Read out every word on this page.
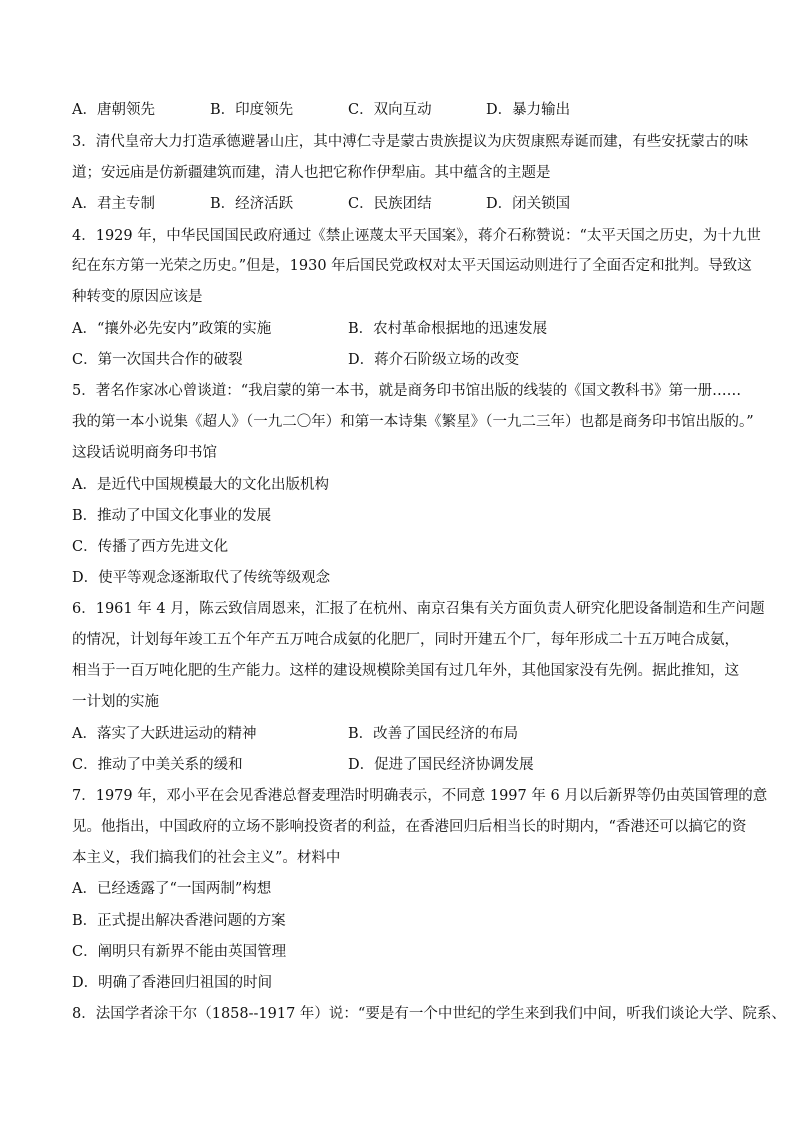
A．唐朝领先	B．印度领先	C．双向互动	D．暴力输出
3．清代皇帝大力打造承德避暑山庄，其中溥仁寺是蒙古贵族提议为庆贺康熙寿诞而建，有些安抚蒙古的味
道；安远庙是仿新疆建筑而建，清人也把它称作伊犁庙。其中蕴含的主题是
A．君主专制	B．经济活跃	C．民族团结	D．闭关锁国
4．1929 年，中华民国国民政府通过《禁止诬蔑太平天国案》，蒋介石称赞说：“太平天国之历史，为十九世
纪在东方第一光荣之历史。”但是，1930 年后国民党政权对太平天国运动则进行了全面否定和批判。导致这
种转变的原因应该是
A．“攘外必先安内”政策的实施	B．农村革命根据地的迅速发展
C．第一次国共合作的破裂	D．蒋介石阶级立场的改变
5．著名作家冰心曾谈道：“我启蒙的第一本书，就是商务印书馆出版的线装的《国文教科书》第一册……
我的第一本小说集《超人》（一九二〇年）和第一本诗集《繁星》（一九二三年）也都是商务印书馆出版的。”
这段话说明商务印书馆
A．是近代中国规模最大的文化出版机构
B．推动了中国文化事业的发展
C．传播了西方先进文化
D．使平等观念逐渐取代了传统等级观念
6．1961 年 4 月，陈云致信周恩来，汇报了在杭州、南京召集有关方面负责人研究化肥设备制造和生产问题
的情况，计划每年竣工五个年产五万吨合成氨的化肥厂，同时开建五个厂，每年形成二十五万吨合成氨，
相当于一百万吨化肥的生产能力。这样的建设规模除美国有过几年外，其他国家没有先例。据此推知，这
一计划的实施
A．落实了大跃进运动的精神	B．改善了国民经济的布局
C．推动了中美关系的缓和	D．促进了国民经济协调发展
7．1979 年，邓小平在会见香港总督麦理浩时明确表示，不同意 1997 年 6 月以后新界等仍由英国管理的意
见。他指出，中国政府的立场不影响投资者的利益，在香港回归后相当长的时期内，“香港还可以搞它的资
本主义，我们搞我们的社会主义”。材料中
A．已经透露了“一国两制”构想
B．正式提出解决香港问题的方案
C．阐明只有新界不能由英国管理
D．明确了香港回归祖国的时间
8．法国学者涂干尔（1858--1917 年）说：“要是有一个中世纪的学生来到我们中间，听我们谈论大学、院系、
